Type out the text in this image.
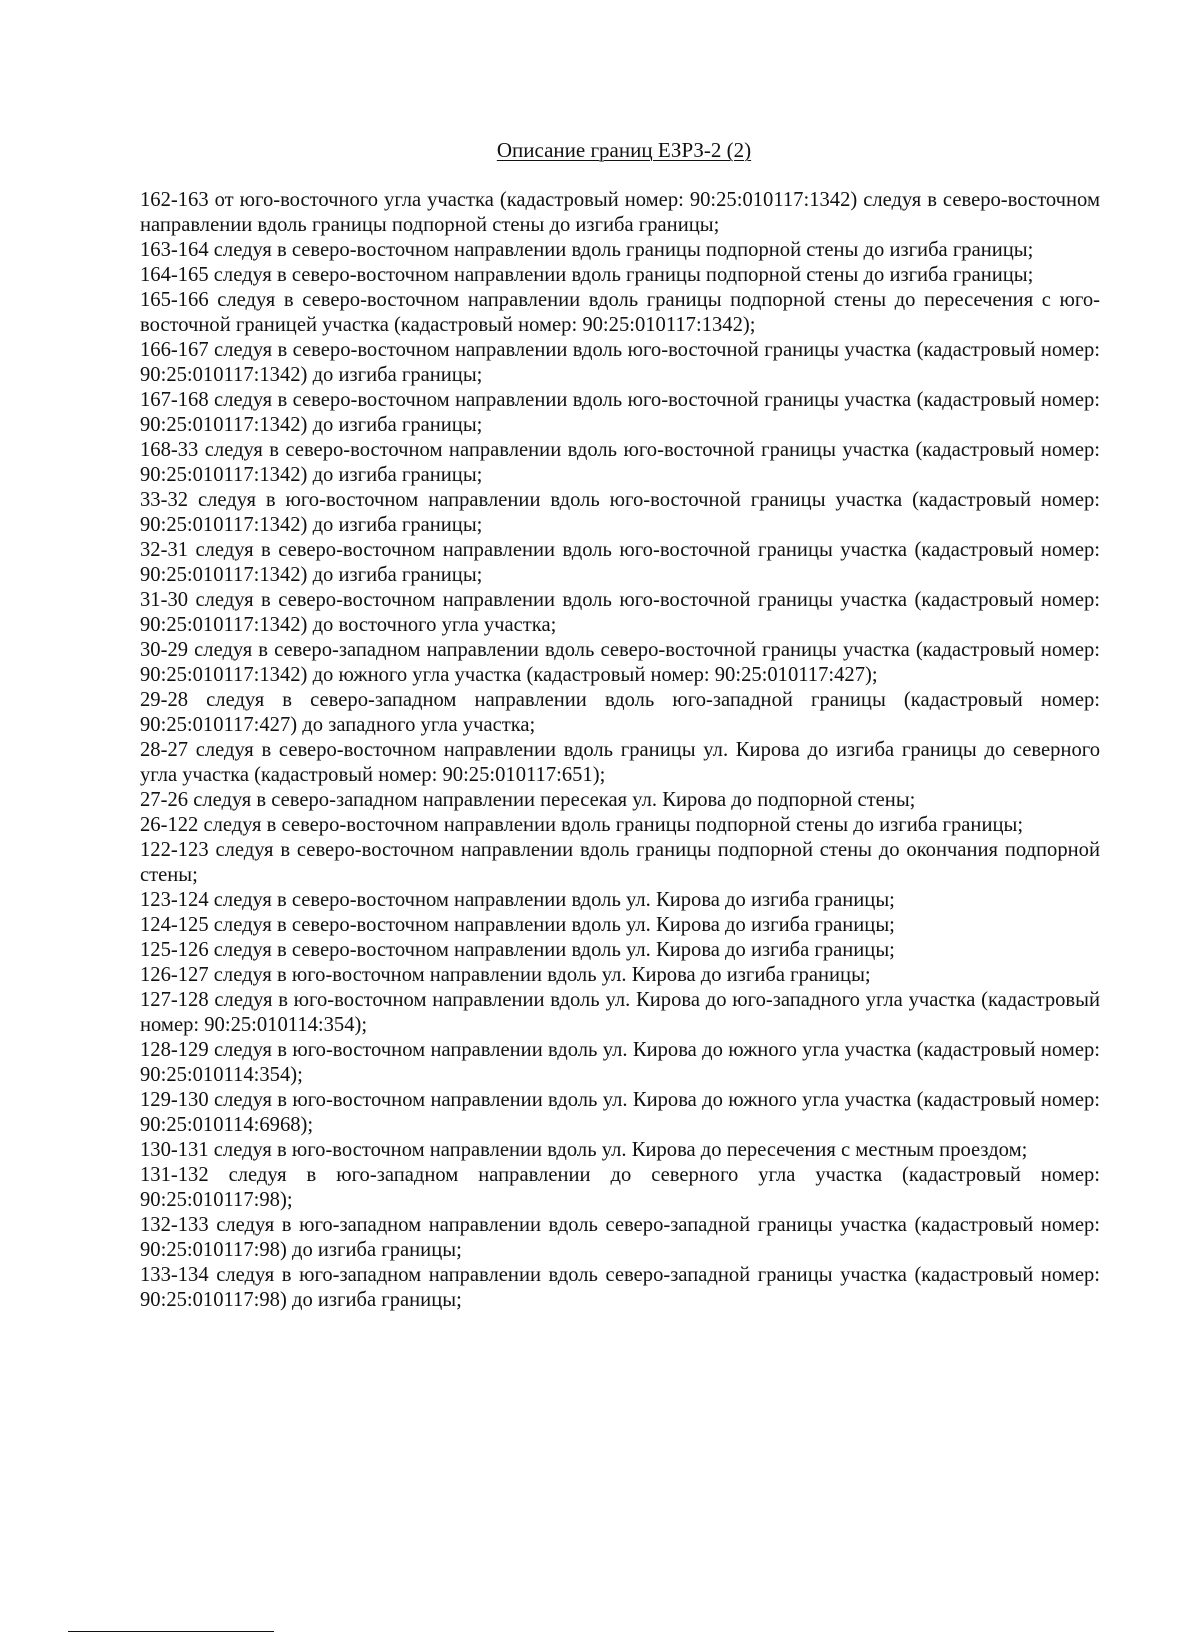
Описание границ ЕЗРЗ-2 (2)

162-163 от юго-восточного угла участка (кадастровый номер: 90:25:010117:1342) следуя в северо-восточном направлении вдоль границы подпорной стены до изгиба границы;

163-164 следуя в северо-восточном направлении вдоль границы подпорной стены до изгиба границы;

164-165 следуя в северо-восточном направлении вдоль границы подпорной стены до изгиба границы;

165-166 следуя в северо-восточном направлении вдоль границы подпорной стены до пересечения с юго-восточной границей участка (кадастровый номер: 90:25:010117:1342);

166-167 следуя в северо-восточном направлении вдоль юго-восточной границы участка (кадастровый номер: 90:25:010117:1342) до изгиба границы;

167-168 следуя в северо-восточном направлении вдоль юго-восточной границы участка (кадастровый номер: 90:25:010117:1342) до изгиба границы;

168-33 следуя в северо-восточном направлении вдоль юго-восточной границы участка (кадастровый номер: 90:25:010117:1342) до изгиба границы;

33-32 следуя в юго-восточном направлении вдоль юго-восточной границы участка (кадастровый номер: 90:25:010117:1342) до изгиба границы;

32-31 следуя в северо-восточном направлении вдоль юго-восточной границы участка (кадастровый номер: 90:25:010117:1342) до изгиба границы;

31-30 следуя в северо-восточном направлении вдоль юго-восточной границы участка (кадастровый номер: 90:25:010117:1342) до восточного угла участка;

30-29 следуя в северо-западном направлении вдоль северо-восточной границы участка (кадастровый номер: 90:25:010117:1342) до южного угла участка (кадастровый номер: 90:25:010117:427);

29-28 следуя в северо-западном направлении вдоль юго-западной границы (кадастровый номер: 90:25:010117:427) до западного угла участка;

28-27 следуя в северо-восточном направлении вдоль границы ул. Кирова до изгиба границы до северного угла участка (кадастровый номер: 90:25:010117:651);

27-26 следуя в северо-западном направлении пересекая ул. Кирова до подпорной стены;

26-122 следуя в северо-восточном направлении вдоль границы подпорной стены до изгиба границы;

122-123 следуя в северо-восточном направлении вдоль границы подпорной стены до окончания подпорной стены;

123-124 следуя в северо-восточном направлении вдоль ул. Кирова до изгиба границы;

124-125 следуя в северо-восточном направлении вдоль ул. Кирова до изгиба границы;

125-126 следуя в северо-восточном направлении вдоль ул. Кирова до изгиба границы;

126-127 следуя в юго-восточном направлении вдоль ул. Кирова до изгиба границы;

127-128 следуя в юго-восточном направлении вдоль ул. Кирова до юго-западного угла участка (кадастровый номер: 90:25:010114:354);

128-129 следуя в юго-восточном направлении вдоль ул. Кирова до южного угла участка (кадастровый номер: 90:25:010114:354);

129-130 следуя в юго-восточном направлении вдоль ул. Кирова до южного угла участка (кадастровый номер: 90:25:010114:6968);

130-131 следуя в юго-восточном направлении вдоль ул. Кирова до пересечения с местным проездом;

131-132 следуя в юго-западном направлении до северного угла участка (кадастровый номер: 90:25:010117:98);

132-133 следуя в юго-западном направлении вдоль северо-западной границы участка (кадастровый номер: 90:25:010117:98) до изгиба границы;

133-134 следуя в юго-западном направлении вдоль северо-западной границы участка (кадастровый номер: 90:25:010117:98) до изгиба границы;
